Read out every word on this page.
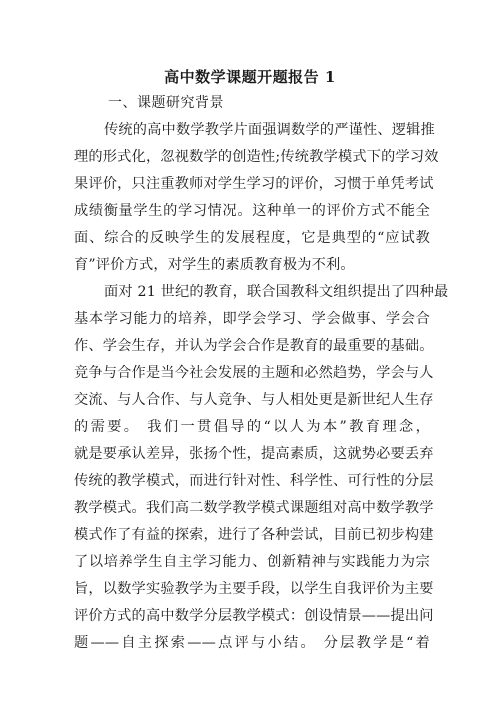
高中数学课题开题报告 1
一、课题研究背景
传统的高中数学教学片面强调数学的严谨性、逻辑推
理的形式化，忽视数学的创造性;传统教学模式下的学习效
果评价，只注重教师对学生学习的评价，习惯于单凭考试
成绩衡量学生的学习情况。这种单一的评价方式不能全
面、综合的反映学生的发展程度，它是典型的“应试教
育”评价方式，对学生的素质教育极为不利。
面对 21 世纪的教育，联合国教科文组织提出了四种最
基本学习能力的培养，即学会学习、学会做事、学会合
作、学会生存，并认为学会合作是教育的最重要的基础。
竞争与合作是当今社会发展的主题和必然趋势，学会与人
交流、与人合作、与人竞争、与人相处更是新世纪人生存
的需要。 我们一贯倡导的“以人为本”教育理念，
就是要承认差异，张扬个性，提高素质，这就势必要丢弃
传统的教学模式，而进行针对性、科学性、可行性的分层
教学模式。我们高二数学教学模式课题组对高中数学教学
模式作了有益的探索，进行了各种尝试，目前已初步构建
了以培养学生自主学习能力、创新精神与实践能力为宗
旨，以数学实验教学为主要手段，以学生自我评价为主要
评价方式的高中数学分层教学模式：创设情景——提出问
题——自主探索——点评与小结。 分层教学是“着
